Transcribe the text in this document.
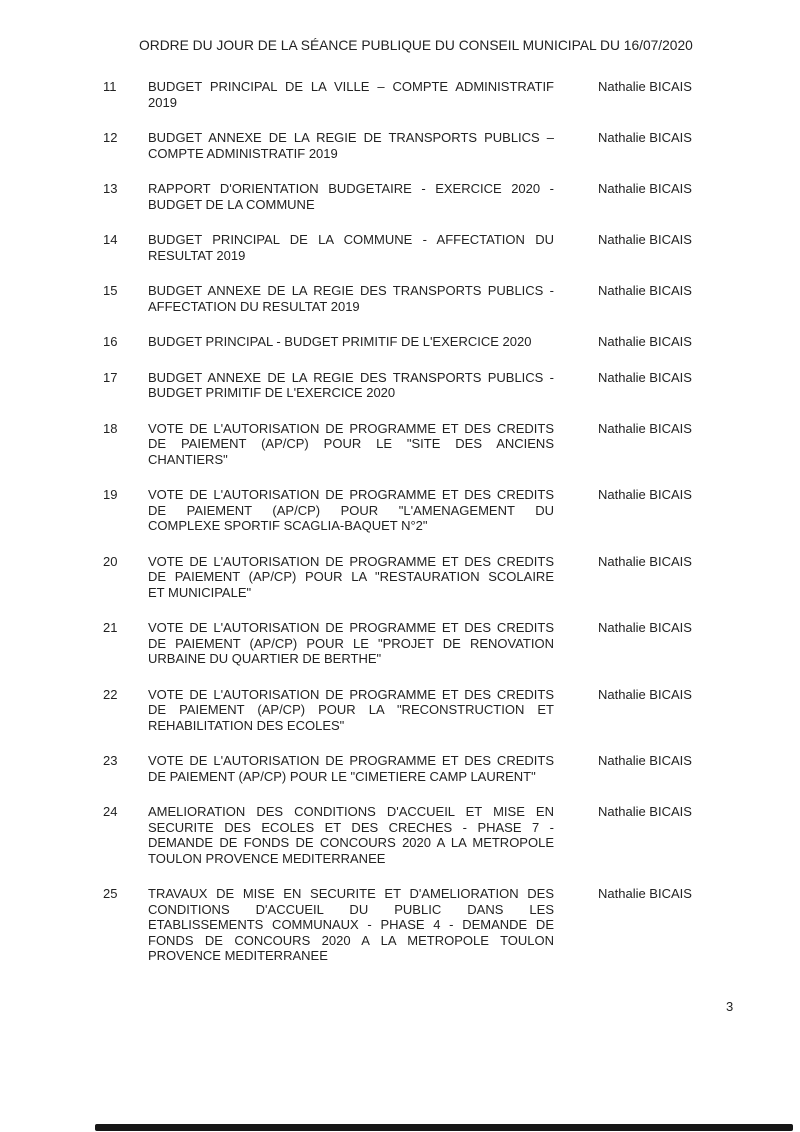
ORDRE DU JOUR DE LA SÉANCE PUBLIQUE DU CONSEIL MUNICIPAL DU 16/07/2020
11	BUDGET PRINCIPAL DE LA VILLE – COMPTE ADMINISTRATIF
2019
Nathalie BICAIS
12	BUDGET ANNEXE DE LA REGIE DE TRANSPORTS PUBLICS –
COMPTE ADMINISTRATIF 2019
Nathalie BICAIS
13	RAPPORT D'ORIENTATION BUDGETAIRE - EXERCICE 2020 -
BUDGET DE LA COMMUNE
Nathalie BICAIS
14	BUDGET PRINCIPAL DE LA COMMUNE - AFFECTATION DU
RESULTAT 2019
Nathalie BICAIS
15	BUDGET ANNEXE DE LA REGIE DES TRANSPORTS PUBLICS -
AFFECTATION DU RESULTAT 2019
Nathalie BICAIS
16	BUDGET PRINCIPAL - BUDGET PRIMITIF DE L'EXERCICE 2020	Nathalie BICAIS
17	BUDGET ANNEXE DE LA REGIE DES TRANSPORTS PUBLICS -
BUDGET PRIMITIF DE L'EXERCICE 2020
Nathalie BICAIS
18	VOTE DE L'AUTORISATION DE PROGRAMME ET DES CREDITS
DE PAIEMENT (AP/CP) POUR LE "SITE DES ANCIENS
CHANTIERS"
Nathalie BICAIS
19	VOTE DE L'AUTORISATION DE PROGRAMME ET DES CREDITS
DE PAIEMENT (AP/CP) POUR "L'AMENAGEMENT DU
COMPLEXE SPORTIF SCAGLIA-BAQUET N°2"
Nathalie BICAIS
20	VOTE DE L'AUTORISATION DE PROGRAMME ET DES CREDITS
DE PAIEMENT (AP/CP) POUR LA "RESTAURATION SCOLAIRE
ET MUNICIPALE"
Nathalie BICAIS
21	VOTE DE L'AUTORISATION DE PROGRAMME ET DES CREDITS
DE PAIEMENT (AP/CP) POUR LE "PROJET DE RENOVATION
URBAINE DU QUARTIER DE BERTHE"
Nathalie BICAIS
22	VOTE DE L'AUTORISATION DE PROGRAMME ET DES CREDITS
DE PAIEMENT (AP/CP) POUR LA "RECONSTRUCTION ET
REHABILITATION DES ECOLES"
Nathalie BICAIS
23	VOTE DE L'AUTORISATION DE PROGRAMME ET DES CREDITS
DE PAIEMENT (AP/CP) POUR LE "CIMETIERE CAMP LAURENT"
Nathalie BICAIS
24	AMELIORATION DES CONDITIONS D'ACCUEIL ET MISE EN
SECURITE DES ECOLES ET DES CRECHES - PHASE 7 -
DEMANDE DE FONDS DE CONCOURS 2020 A LA METROPOLE
TOULON PROVENCE MEDITERRANEE
Nathalie BICAIS
25	TRAVAUX DE MISE EN SECURITE ET D'AMELIORATION DES
CONDITIONS D'ACCUEIL DU PUBLIC DANS LES
ETABLISSEMENTS COMMUNAUX - PHASE 4 - DEMANDE DE
FONDS DE CONCOURS 2020 A LA METROPOLE TOULON
PROVENCE MEDITERRANEE
Nathalie BICAIS
3
